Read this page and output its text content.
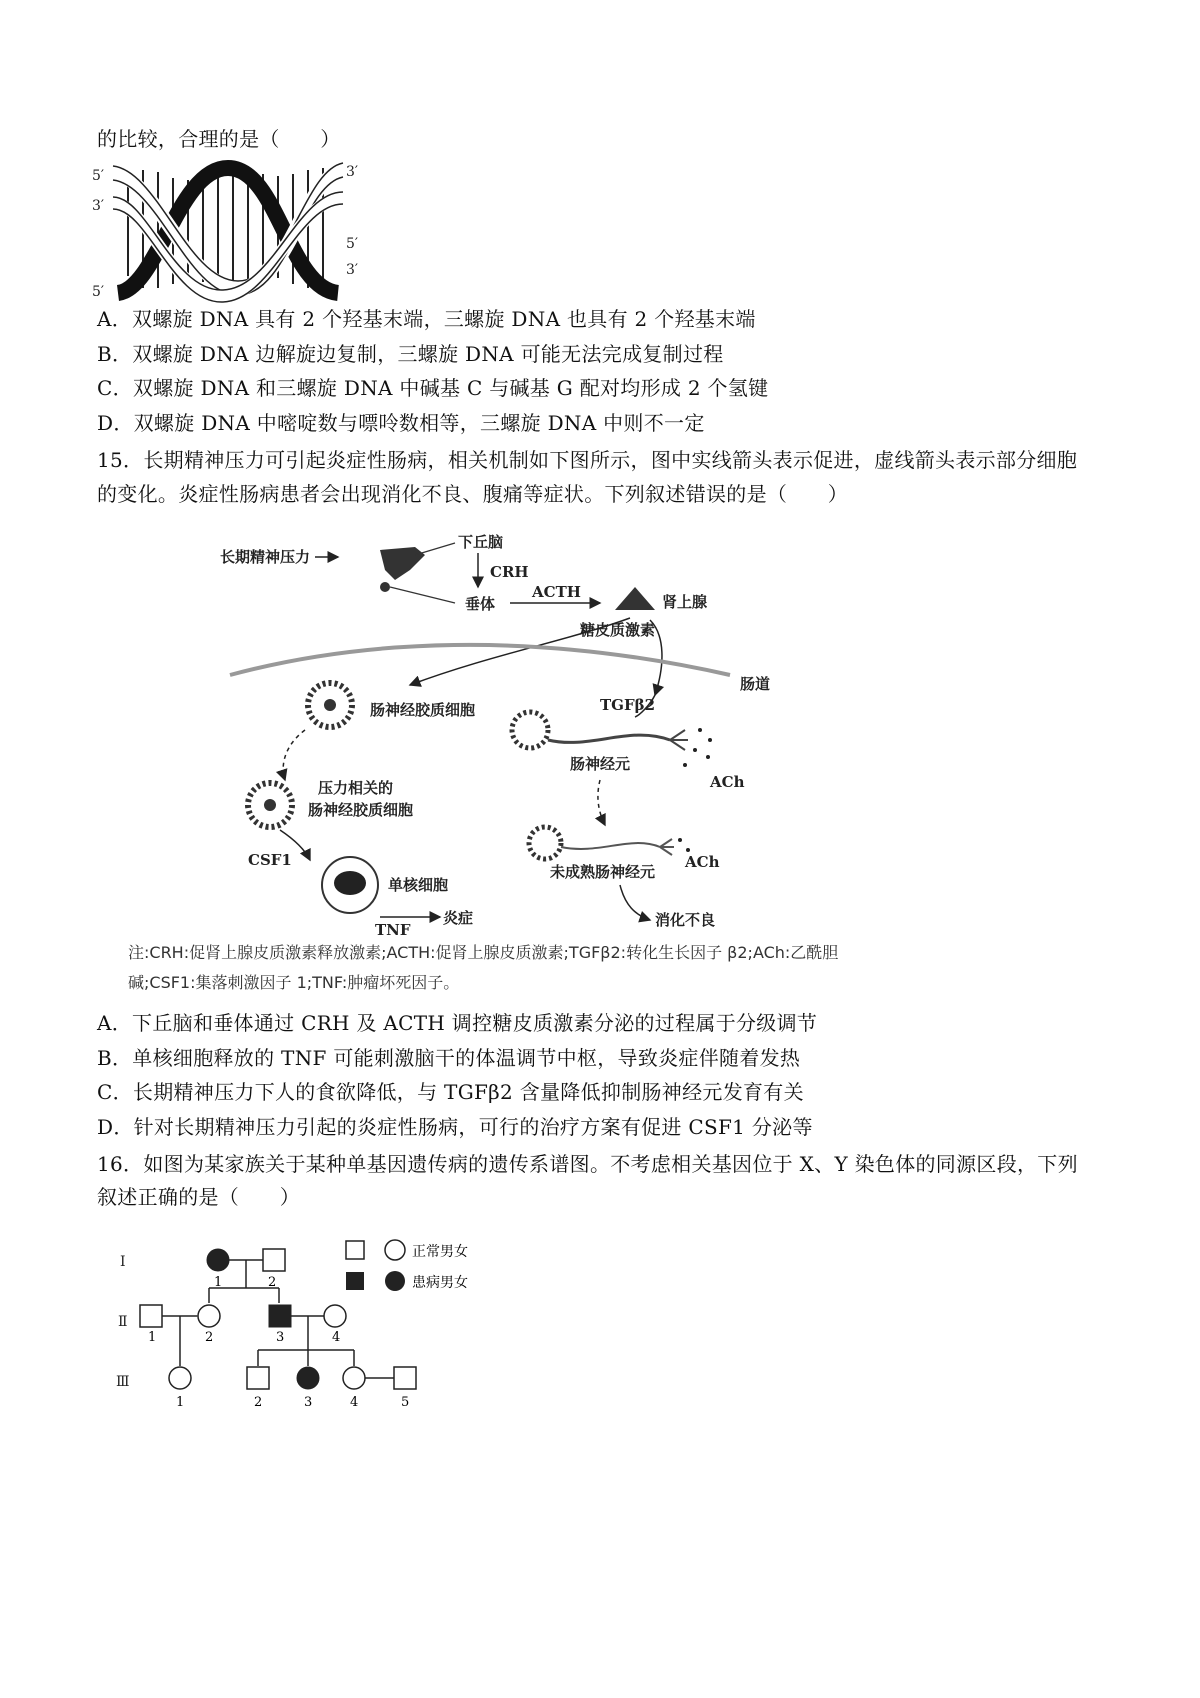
的比较，合理的是（　　）
5′
3′
5′
3′
5′
3′
A．双螺旋 DNA 具有 2 个羟基末端，三螺旋 DNA 也具有 2 个羟基末端
B．双螺旋 DNA 边解旋边复制，三螺旋 DNA 可能无法完成复制过程
C．双螺旋 DNA 和三螺旋 DNA 中碱基 C 与碱基 G 配对均形成 2 个氢键
D．双螺旋 DNA 中嘧啶数与嘌呤数相等，三螺旋 DNA 中则不一定
15．长期精神压力可引起炎症性肠病，相关机制如下图所示，图中实线箭头表示促进，虚线箭头表示部分细胞
的变化。炎症性肠病患者会出现消化不良、腹痛等症状。下列叙述错误的是（　　）
长期精神压力
下丘脑
CRH
垂体
ACTH
肾上腺
糖皮质激素
肠道
肠神经胶质细胞
压力相关的
肠神经胶质细胞
CSF1
单核细胞
TNF
炎症
TGFβ2
肠神经元
ACh
ACh
未成熟肠神经元
消化不良
注:CRH:促肾上腺皮质激素释放激素;ACTH:促肾上腺皮质激素;TGFβ2:转化生长因子 β2;ACh:乙酰胆
碱;CSF1:集落刺激因子 1;TNF:肿瘤坏死因子。
A．下丘脑和垂体通过 CRH 及 ACTH 调控糖皮质激素分泌的过程属于分级调节
B．单核细胞释放的 TNF 可能刺激脑干的体温调节中枢，导致炎症伴随着发热
C．长期精神压力下人的食欲降低，与 TGFβ2 含量降低抑制肠神经元发育有关
D．针对长期精神压力引起的炎症性肠病，可行的治疗方案有促进 CSF1 分泌等
16．如图为某家族关于某种单基因遗传病的遗传系谱图。不考虑相关基因位于 X、Y 染色体的同源区段，下列
叙述正确的是（　　）
Ⅰ
Ⅱ
Ⅲ
1	2
1	2	3	4
1	2	3	4	5
正常男女
患病男女
